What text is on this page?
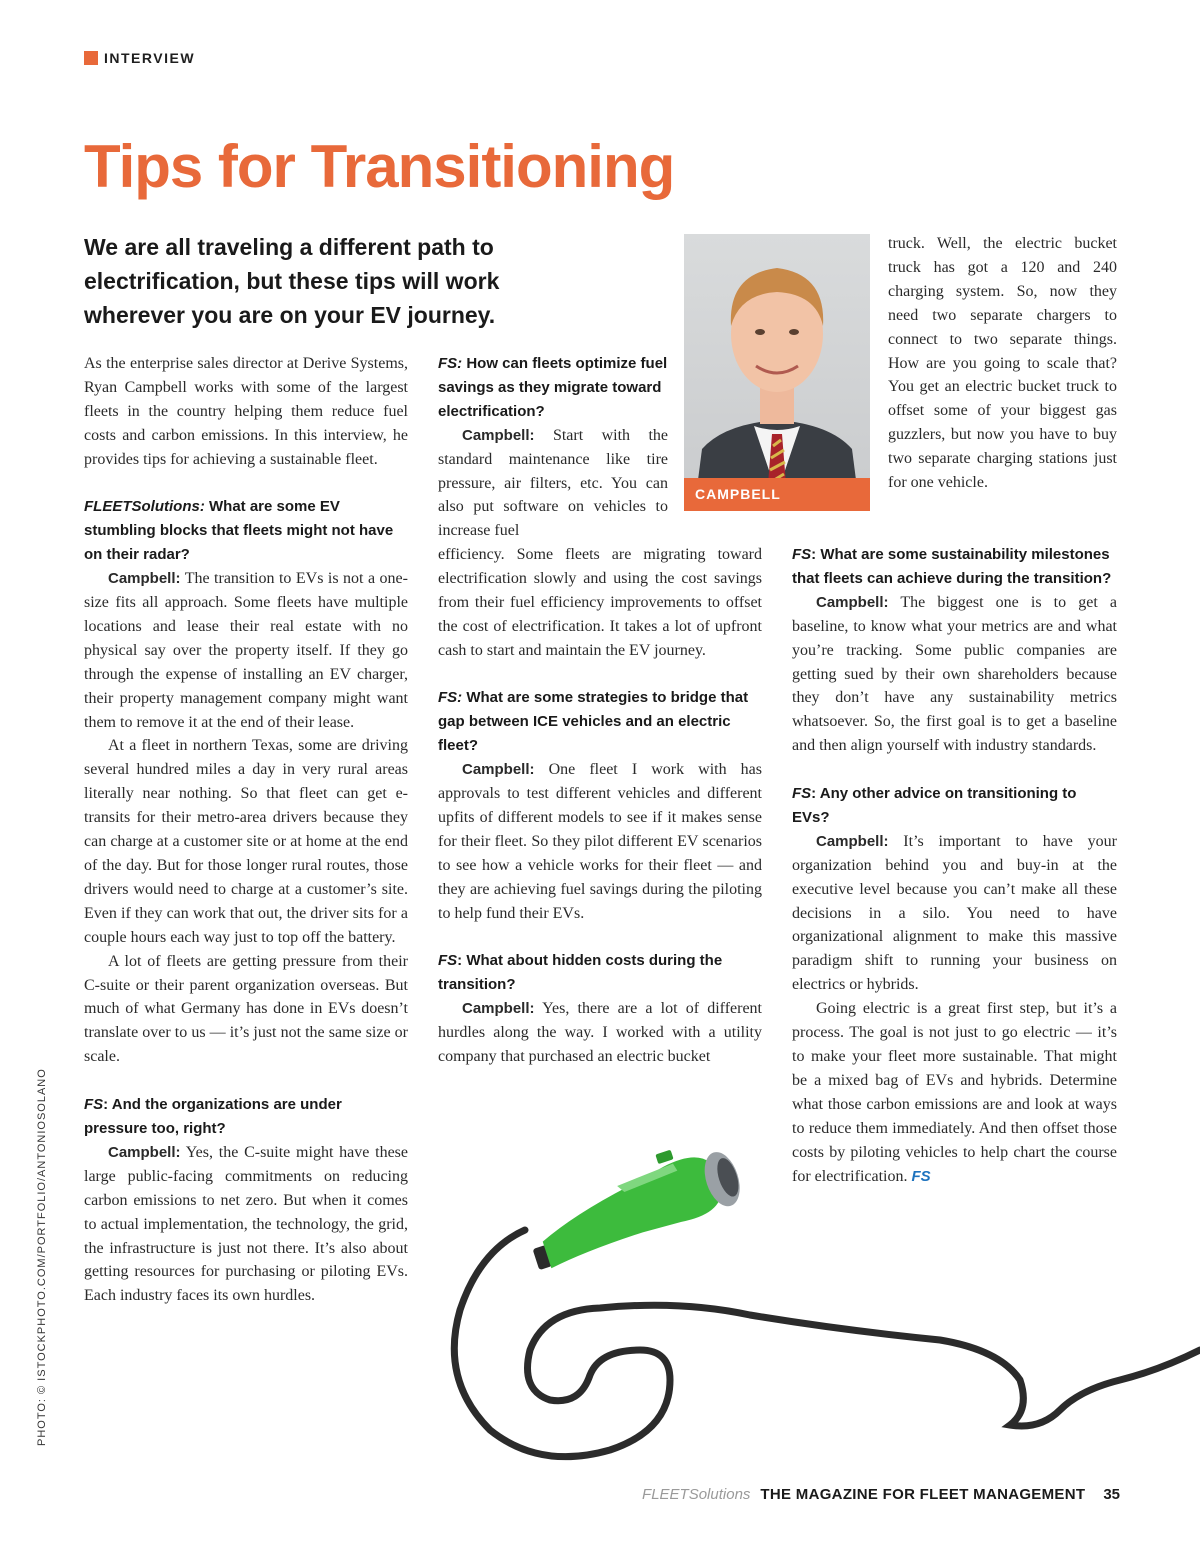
INTERVIEW
Tips for Transitioning
We are all traveling a different path to
electrification, but these tips will work
wherever you are on your EV journey.

As the enterprise sales director at Derive Systems, Ryan Campbell works with some of the largest fleets in the country helping them reduce fuel costs and carbon emissions. In this interview, he provides tips for achieving a sustainable fleet.

FLEETSolutions: What are some EV stumbling blocks that fleets might not have on their radar?

Campbell: The transition to EVs is not a one-size fits all approach. Some fleets have multiple locations and lease their real estate with no physical say over the property itself. If they go through the expense of installing an EV charger, their property management company might want them to remove it at the end of their lease.

At a fleet in northern Texas, some are driving several hundred miles a day in very rural areas literally near nothing. So that fleet can get e-transits for their metro-area drivers because they can charge at a customer site or at home at the end of the day. But for those longer rural routes, those drivers would need to charge at a customer’s site. Even if they can work that out, the driver sits for a couple hours each way just to top off the battery.

A lot of fleets are getting pressure from their C-suite or their parent organization overseas. But much of what Germany has done in EVs doesn’t translate over to us — it’s just not the same size or scale.

FS: And the organizations are under pressure too, right?

Campbell: Yes, the C-suite might have these large public-facing commitments on reducing carbon emissions to net zero. But when it comes to actual implementation, the technology, the grid, the infrastructure is just not there. It’s also about getting resources for purchasing or piloting EVs. Each industry faces its own hurdles.

FS: How can fleets optimize fuel savings as they migrate toward electrification?

Campbell: Start with the standard maintenance like tire pressure, air filters, etc. You can also put software on vehicles to increase fuel

efficiency. Some fleets are migrating toward electrification slowly and using the cost savings from their fuel efficiency improvements to offset the cost of electrification. It takes a lot of upfront cash to start and maintain the EV journey.

FS: What are some strategies to bridge that gap between ICE vehicles and an electric fleet?

Campbell: One fleet I work with has approvals to test different vehicles and different upfits of different models to see if it makes sense for their fleet. So they pilot different EV scenarios to see how a vehicle works for their fleet — and they are achieving fuel savings during the piloting to help fund their EVs.

FS: What about hidden costs during the transition?

Campbell: Yes, there are a lot of different hurdles along the way. I worked with a utility company that purchased an electric bucket

CAMPBELL

truck. Well, the electric bucket truck has got a 120 and 240 charging system. So, now they need two separate chargers to connect to two separate things. How are you going to scale that? You get an electric bucket truck to offset some of your biggest gas guzzlers, but now you have to buy two separate charging stations just for one vehicle.

FS: What are some sustainability milestones that fleets can achieve during the transition?

Campbell: The biggest one is to get a baseline, to know what your metrics are and what you’re tracking. Some public companies are getting sued by their own shareholders because they don’t have any sustainability metrics whatsoever. So, the first goal is to get a baseline and then align yourself with industry standards.

FS: Any other advice on transitioning to EVs?

Campbell: It’s important to have your organization behind you and buy-in at the executive level because you can’t make all these decisions in a silo. You need to have organizational alignment to make this massive paradigm shift to running your business on electrics or hybrids.

Going electric is a great first step, but it’s a process. The goal is not just to go electric — it’s to make your fleet more sustainable. That might be a mixed bag of EVs and hybrids. Determine what those carbon emissions are and look at ways to reduce them immediately. And then offset those costs by piloting vehicles to help chart the course for electrification. FS

PHOTO: © ISTOCKPHOTO.COM/PORTFOLIO/ANTONIOSOLANO
FLEETSolutions THE MAGAZINE FOR FLEET MANAGEMENT 35
